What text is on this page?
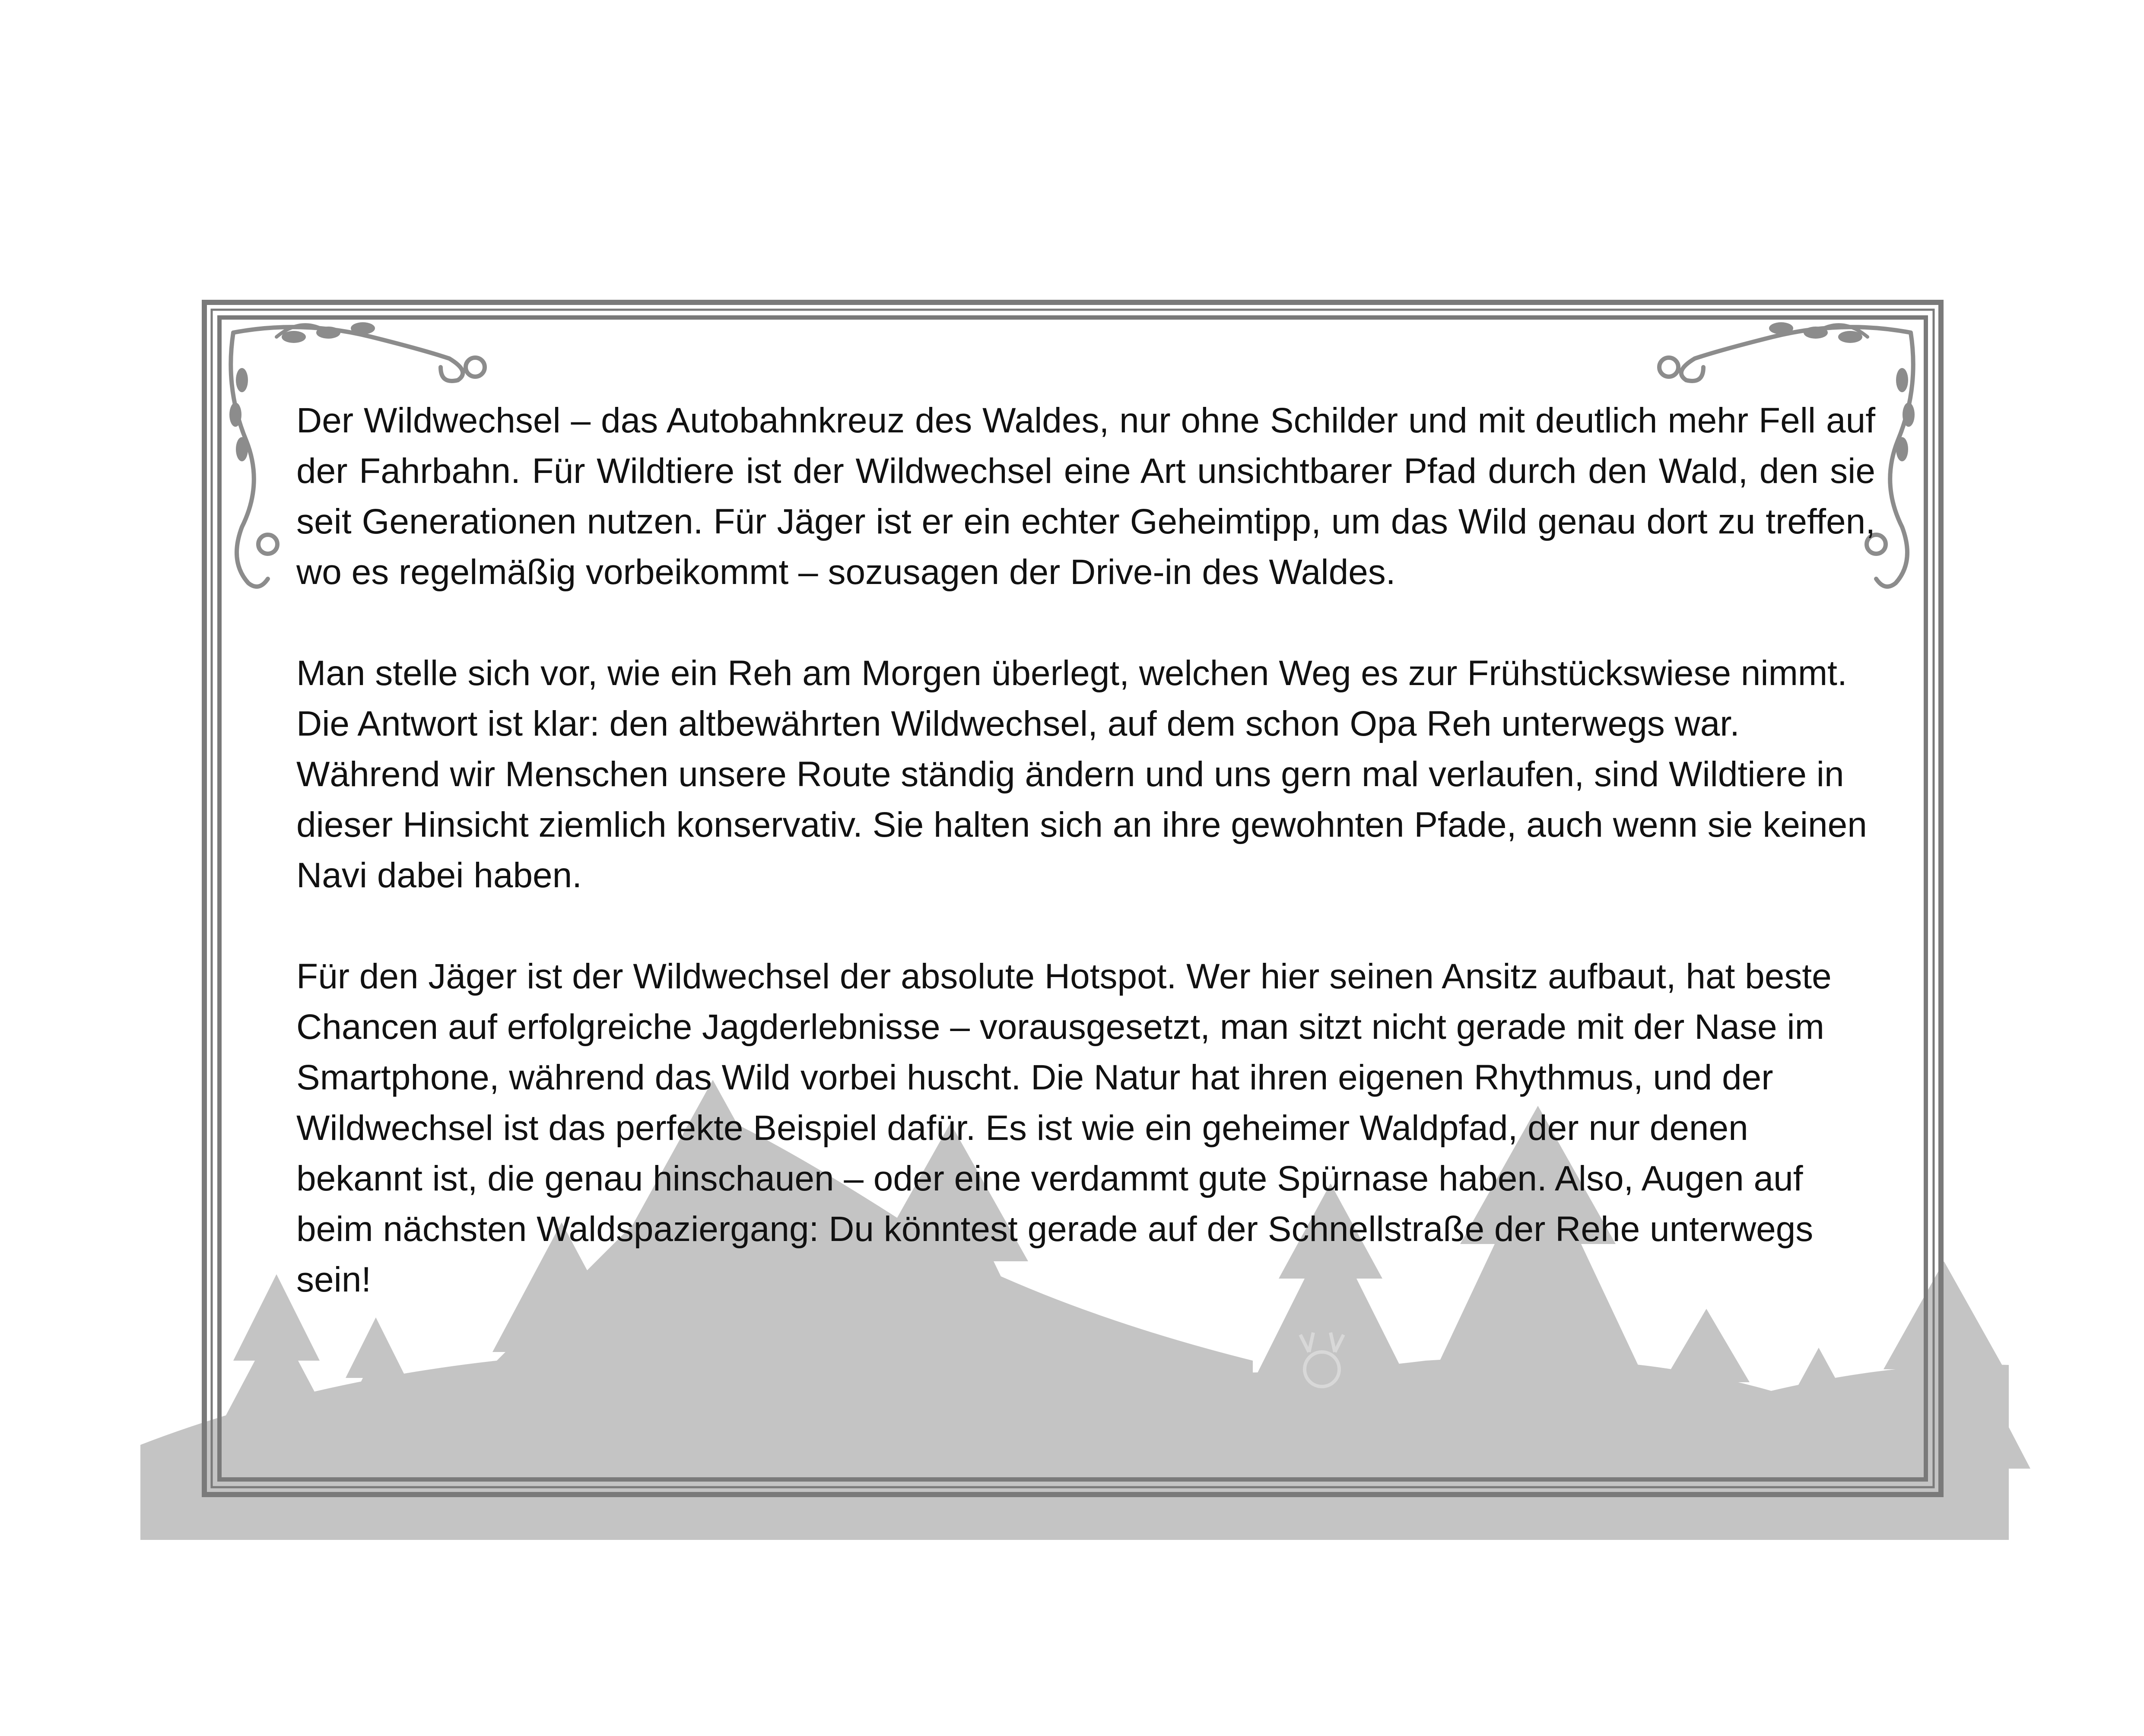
Der Wildwechsel – das Autobahnkreuz des Waldes, nur ohne Schilder und mit deutlich mehr Fell auf der Fahrbahn. Für Wildtiere ist der Wildwechsel eine Art unsichtbarer Pfad durch den Wald, den sie seit Generationen nutzen. Für Jäger ist er ein echter Geheimtipp, um das Wild genau dort zu treffen, wo es regelmäßig vorbeikommt – sozusagen der Drive-in des Waldes.

Man stelle sich vor, wie ein Reh am Morgen überlegt, welchen Weg es zur Frühstückswiese nimmt. Die Antwort ist klar: den altbewährten Wildwechsel, auf dem schon Opa Reh unterwegs war. Während wir Menschen unsere Route ständig ändern und uns gern mal verlaufen, sind Wildtiere in dieser Hinsicht ziemlich konservativ. Sie halten sich an ihre gewohnten Pfade, auch wenn sie keinen Navi dabei haben.

Für den Jäger ist der Wildwechsel der absolute Hotspot. Wer hier seinen Ansitz aufbaut, hat beste Chancen auf erfolgreiche Jagderlebnisse – vorausgesetzt, man sitzt nicht gerade mit der Nase im Smartphone, während das Wild vorbei huscht. Die Natur hat ihren eigenen Rhythmus, und der Wildwechsel ist das perfekte Beispiel dafür. Es ist wie ein geheimer Waldpfad, der nur denen bekannt ist, die genau hinschauen – oder eine verdammt gute Spürnase haben. Also, Augen auf beim nächsten Waldspaziergang: Du könntest gerade auf der Schnellstraße der Rehe unterwegs sein!
